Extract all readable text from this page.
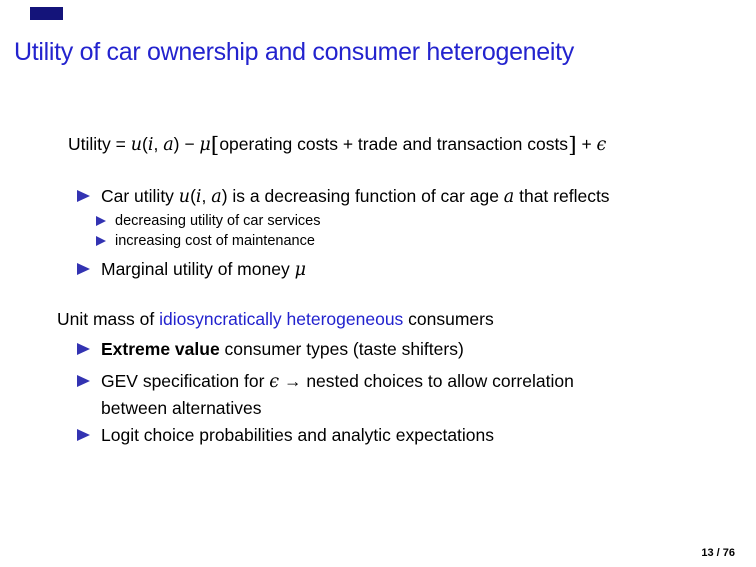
Utility of car ownership and consumer heterogeneity
Utility = u(i, a) − μ[operating costs + trade and transaction costs] + ϵ
Car utility u(i, a) is a decreasing function of car age a that reflects
decreasing utility of car services
increasing cost of maintenance
Marginal utility of money μ
Unit mass of idiosyncratically heterogeneous consumers
Extreme value consumer types (taste shifters)
GEV specification for ϵ → nested choices to allow correlation
between alternatives
Logit choice probabilities and analytic expectations
13 / 76
